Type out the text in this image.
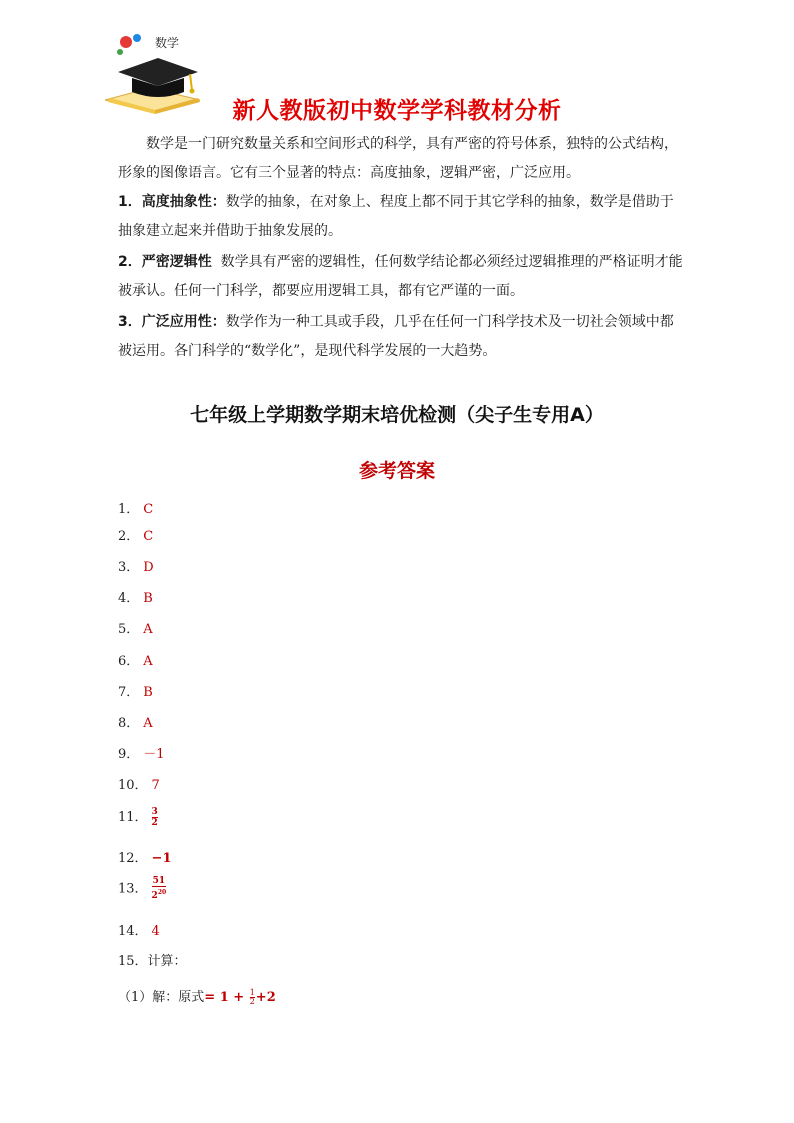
数学
新人教版初中数学学科教材分析
数学是一门研究数量关系和空间形式的科学，具有严密的符号体系，独特的公式结构，形象的图像语言。它有三个显著的特点：高度抽象，逻辑严密，广泛应用。
1．高度抽象性：数学的抽象，在对象上、程度上都不同于其它学科的抽象，数学是借助于抽象建立起来并借助于抽象发展的。
2．严密逻辑性 数学具有严密的逻辑性，任何数学结论都必须经过逻辑推理的严格证明才能被承认。任何一门科学，都要应用逻辑工具，都有它严谨的一面。
3．广泛应用性：数学作为一种工具或手段，几乎在任何一门科学技术及一切社会领域中都被运用。各门科学的“数学化”，是现代科学发展的一大趋势。
七年级上学期数学期末培优检测（尖子生专用A）
参考答案
1． C
2． C
3． D
4． B
5． A
6． A
7． B
8． A
9． －1
10． 7
11． $\frac{3}{2}$
12． −1
13． $\frac{51}{2^{20}}$
14． 4
15．计算：
（1）解：原式= $1 + \frac{1}{2} +2$
